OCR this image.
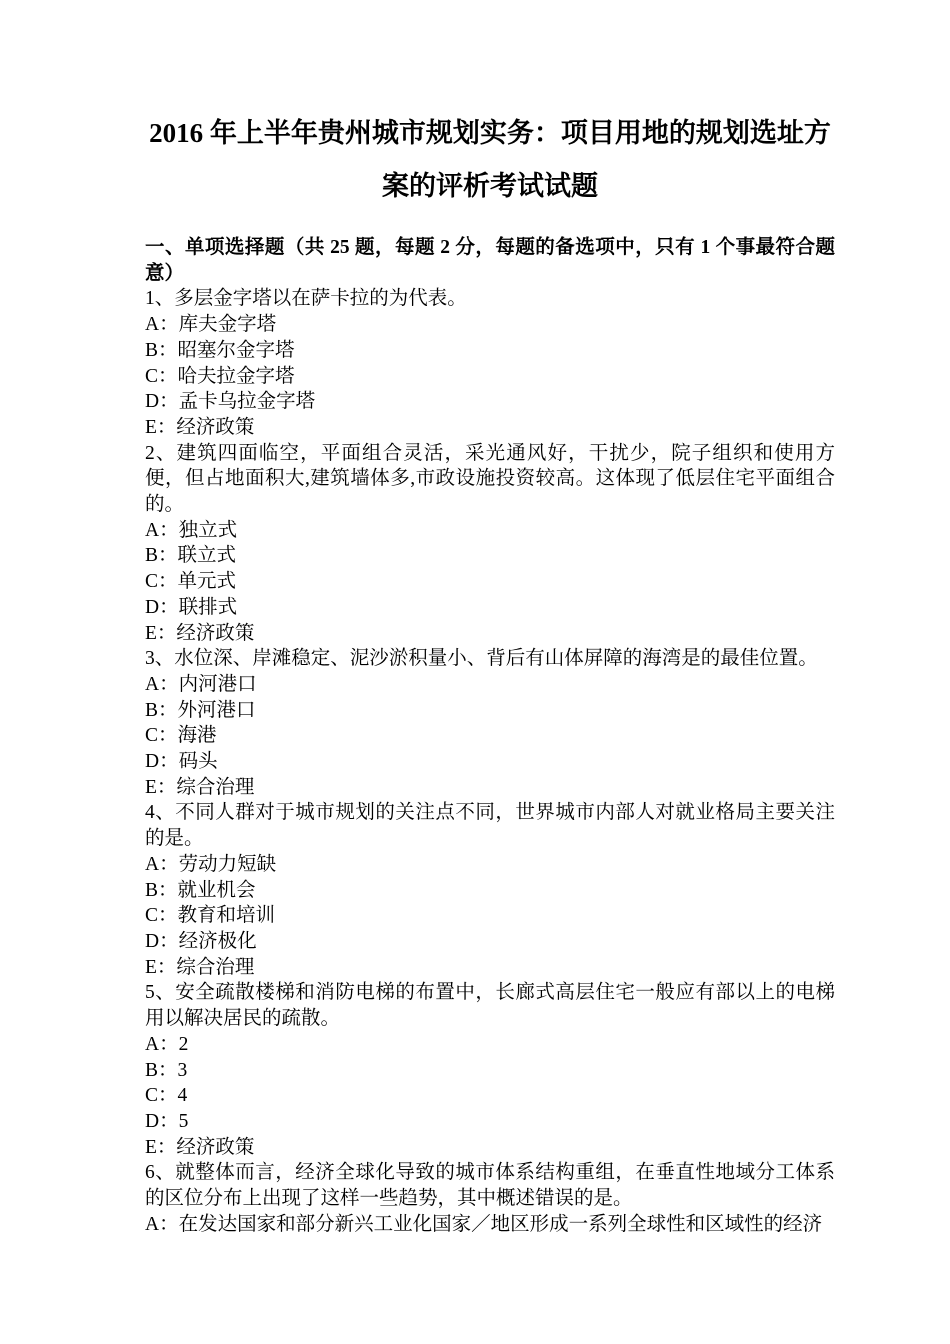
2016 年上半年贵州城市规划实务：项目用地的规划选址方案的评析考试试题
一、单项选择题（共 25 题，每题 2 分，每题的备选项中，只有 1 个事最符合题意）

1、多层金字塔以在萨卡拉的为代表。

A：库夫金字塔

B：昭塞尔金字塔

C：哈夫拉金字塔

D：孟卡乌拉金字塔

E：经济政策

2、建筑四面临空，平面组合灵活，采光通风好，干扰少，院子组织和使用方便，但占地面积大,建筑墙体多,市政设施投资较高。这体现了低层住宅平面组合的。

A：独立式

B：联立式

C：单元式

D：联排式

E：经济政策

3、水位深、岸滩稳定、泥沙淤积量小、背后有山体屏障的海湾是的最佳位置。

A：内河港口

B：外河港口

C：海港

D：码头

E：综合治理

4、不同人群对于城市规划的关注点不同，世界城市内部人对就业格局主要关注的是。

A：劳动力短缺

B：就业机会

C：教育和培训

D：经济极化

E：综合治理

5、安全疏散楼梯和消防电梯的布置中，长廊式高层住宅一般应有部以上的电梯用以解决居民的疏散。

A：2

B：3

C：4

D：5

E：经济政策

6、就整体而言，经济全球化导致的城市体系结构重组，在垂直性地域分工体系的区位分布上出现了这样一些趋势，其中概述错误的是。

A：在发达国家和部分新兴工业化国家／地区形成一系列全球性和区域性的经济
